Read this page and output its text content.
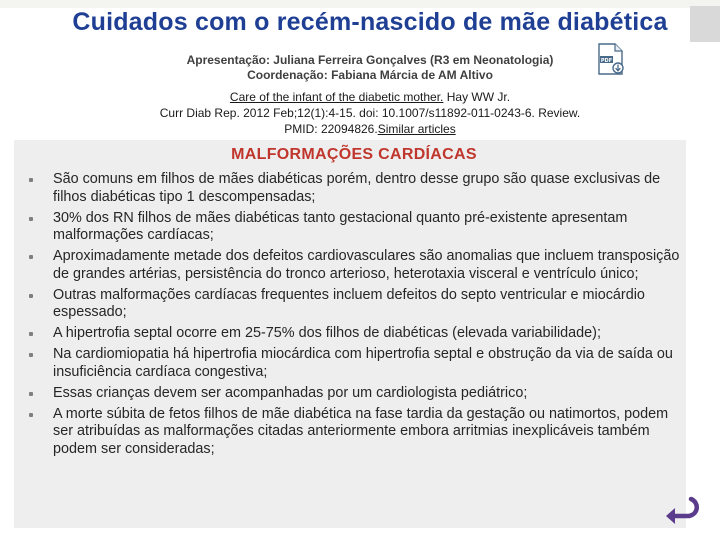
Cuidados com o recém-nascido de mãe diabética
Apresentação: Juliana Ferreira Gonçalves (R3 em Neonatologia)
Coordenação: Fabiana Márcia de AM Altivo
PDF
Care of the infant of the diabetic mother. Hay WW Jr.
Curr Diab Rep. 2012 Feb;12(1):4-15. doi: 10.1007/s11892-011-0243-6. Review.
PMID: 22094826.Similar articles
MALFORMAÇÕES CARDÍACAS
São comuns em filhos de mães diabéticas porém, dentro desse grupo são quase exclusivas de filhos diabéticas tipo 1 descompensadas;
30% dos RN filhos de mães diabéticas tanto gestacional quanto pré-existente apresentam malformações cardíacas;
Aproximadamente metade dos defeitos cardiovasculares são anomalias que incluem transposição de grandes artérias, persistência do tronco arterioso, heterotaxia visceral e ventrículo único;
Outras malformações cardíacas frequentes incluem defeitos do septo ventricular e miocárdio espessado;
A hipertrofia septal ocorre em 25-75% dos filhos de diabéticas (elevada variabilidade);
Na cardiomiopatia há hipertrofia miocárdica com hipertrofia septal e obstrução da via de saída ou insuficiência cardíaca congestiva;
Essas crianças devem ser acompanhadas por um cardiologista pediátrico;
A morte súbita de fetos filhos de mãe diabética na fase tardia da gestação ou natimortos, podem ser atribuídas as malformações citadas anteriormente embora arritmias inexplicáveis também podem ser consideradas;
